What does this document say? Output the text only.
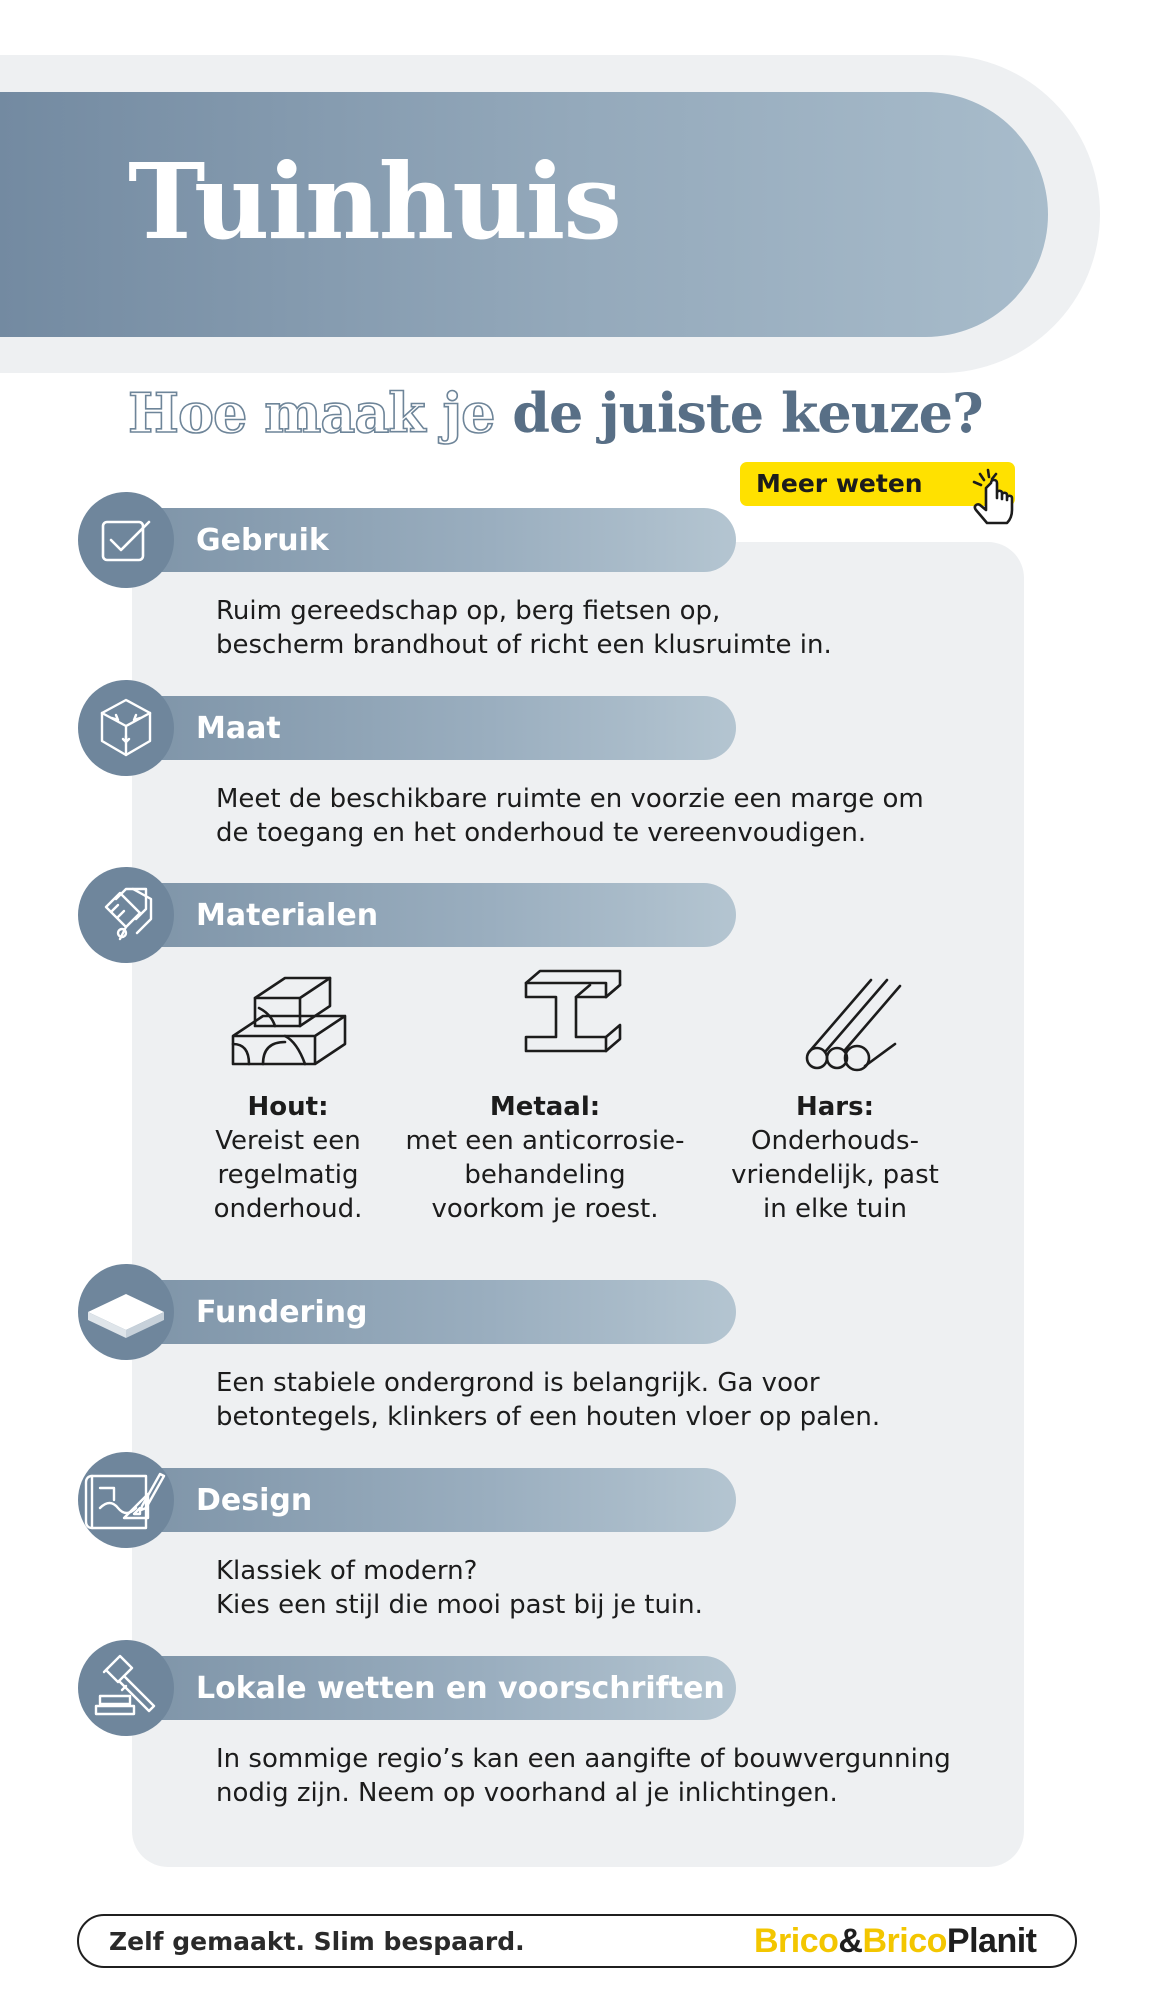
Tuinhuis
Hoe maak je de juiste keuze?
Meer weten
Gebruik
Ruim gereedschap op, berg fietsen op,
bescherm brandhout of richt een klusruimte in.
Maat
Meet de beschikbare ruimte en voorzie een marge om
de toegang en het onderhoud te vereenvoudigen.
Materialen
Hout:
Vereist een
regelmatig
onderhoud.
Metaal:
met een anticorrosie-
behandeling
voorkom je roest.
Hars:
Onderhouds-
vriendelijk, past
in elke tuin
Fundering
Een stabiele ondergrond is belangrijk. Ga voor
betontegels, klinkers of een houten vloer op palen.
Design
Klassiek of modern?
Kies een stijl die mooi past bij je tuin.
Lokale wetten en voorschriften
In sommige regio’s kan een aangifte of bouwvergunning
nodig zijn. Neem op voorhand al je inlichtingen.
Zelf gemaakt. Slim bespaard.	Brico&BricoPlanit
